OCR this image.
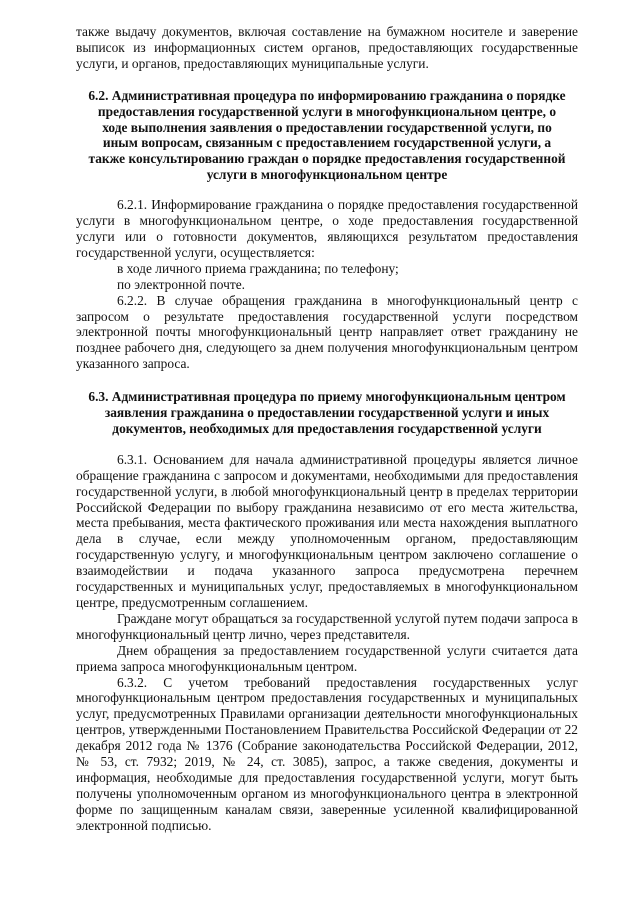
также выдачу документов, включая составление на бумажном носителе и заверение выписок из информационных систем органов, предоставляющих государственные услуги, и органов, предоставляющих муниципальные услуги.

6.2. Административная процедура по информированию гражданина о порядке предоставления государственной услуги в многофункциональном центре, о ходе выполнения заявления о предоставлении государственной услуги, по иным вопросам, связанным с предоставлением государственной услуги, а также консультированию граждан о порядке предоставления государственной услуги в многофункциональном центре

6.2.1. Информирование гражданина о порядке предоставления государственной услуги в многофункциональном центре, о ходе предоставления государственной услуги или о готовности документов, являющихся результатом предоставления государственной услуги, осуществляется:

в ходе личного приема гражданина; по телефону;

по электронной почте.

6.2.2. В случае обращения гражданина в многофункциональный центр с запросом о результате предоставления государственной услуги посредством электронной почты многофункциональный центр направляет ответ гражданину не позднее рабочего дня, следующего за днем получения многофункциональным центром указанного запроса.

6.3. Административная процедура по приему многофункциональным центром заявления гражданина о предоставлении государственной услуги и иных документов, необходимых для предоставления государственной услуги

6.3.1. Основанием для начала административной процедуры является личное обращение гражданина с запросом и документами, необходимыми для предоставления государственной услуги, в любой многофункциональный центр в пределах территории Российской Федерации по выбору гражданина независимо от его места жительства, места пребывания, места фактического проживания или места нахождения выплатного дела в случае, если между уполномоченным органом, предоставляющим государственную услугу, и многофункциональным центром заключено соглашение о взаимодействии и подача указанного запроса предусмотрена перечнем государственных и муниципальных услуг, предоставляемых в многофункциональном центре, предусмотренным соглашением.

Граждане могут обращаться за государственной услугой путем подачи запроса в многофункциональный центр лично, через представителя.

Днем обращения за предоставлением государственной услуги считается дата приема запроса многофункциональным центром.

6.3.2. С учетом требований предоставления государственных услуг многофункциональным центром предоставления государственных и муниципальных услуг, предусмотренных Правилами организации деятельности многофункциональных центров, утвержденными Постановлением Правительства Российской Федерации от 22 декабря 2012 года № 1376 (Собрание законодательства Российской Федерации, 2012, № 53, ст. 7932; 2019, № 24, ст. 3085), запрос, а также сведения, документы и информация, необходимые для предоставления государственной услуги, могут быть получены уполномоченным органом из многофункционального центра в электронной форме по защищенным каналам связи, заверенные усиленной квалифицированной электронной подписью.
